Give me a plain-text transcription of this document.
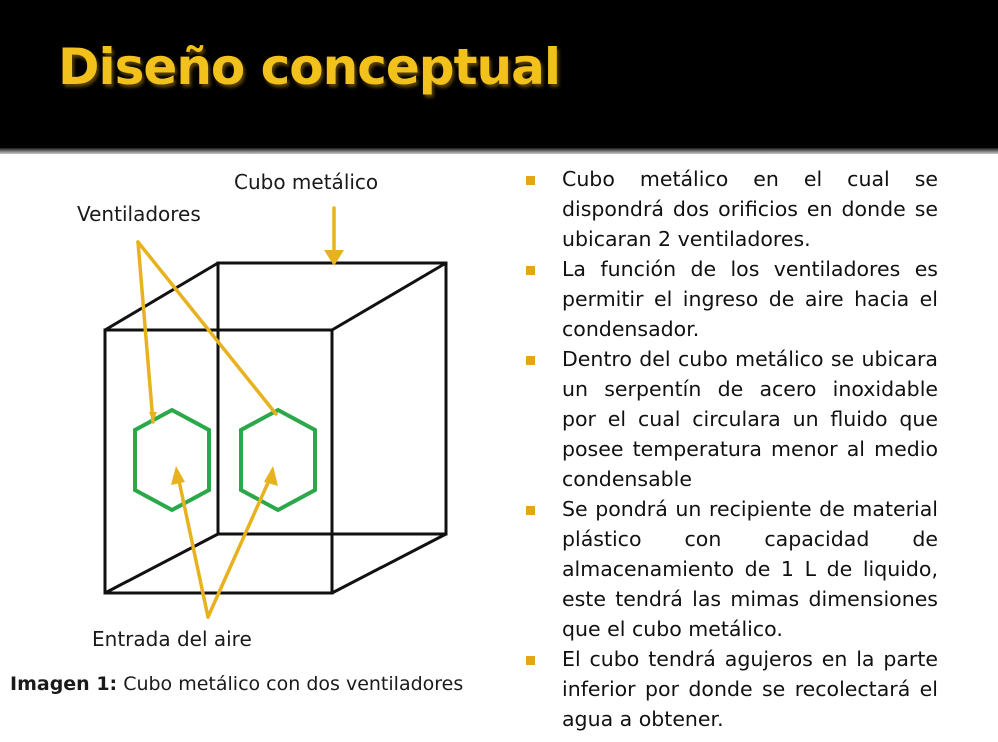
Diseño conceptual
Cubo metálico
Ventiladores
Entrada del aire
Imagen 1: Cubo metálico con dos ventiladores
Cubo metálico en el cual se dispondrá dos orificios en donde se ubicaran 2 ventiladores.
La función de los ventiladores es permitir el ingreso de aire hacia el condensador.
Dentro del cubo metálico se ubicara un serpentín de acero inoxidable por el cual circulara un fluido que posee temperatura menor al medio condensable
Se pondrá un recipiente de material plástico con capacidad de almacenamiento de 1 L de liquido, este tendrá las mimas dimensiones que el cubo metálico.
El cubo tendrá agujeros en la parte inferior por donde se recolectará el agua a obtener.
